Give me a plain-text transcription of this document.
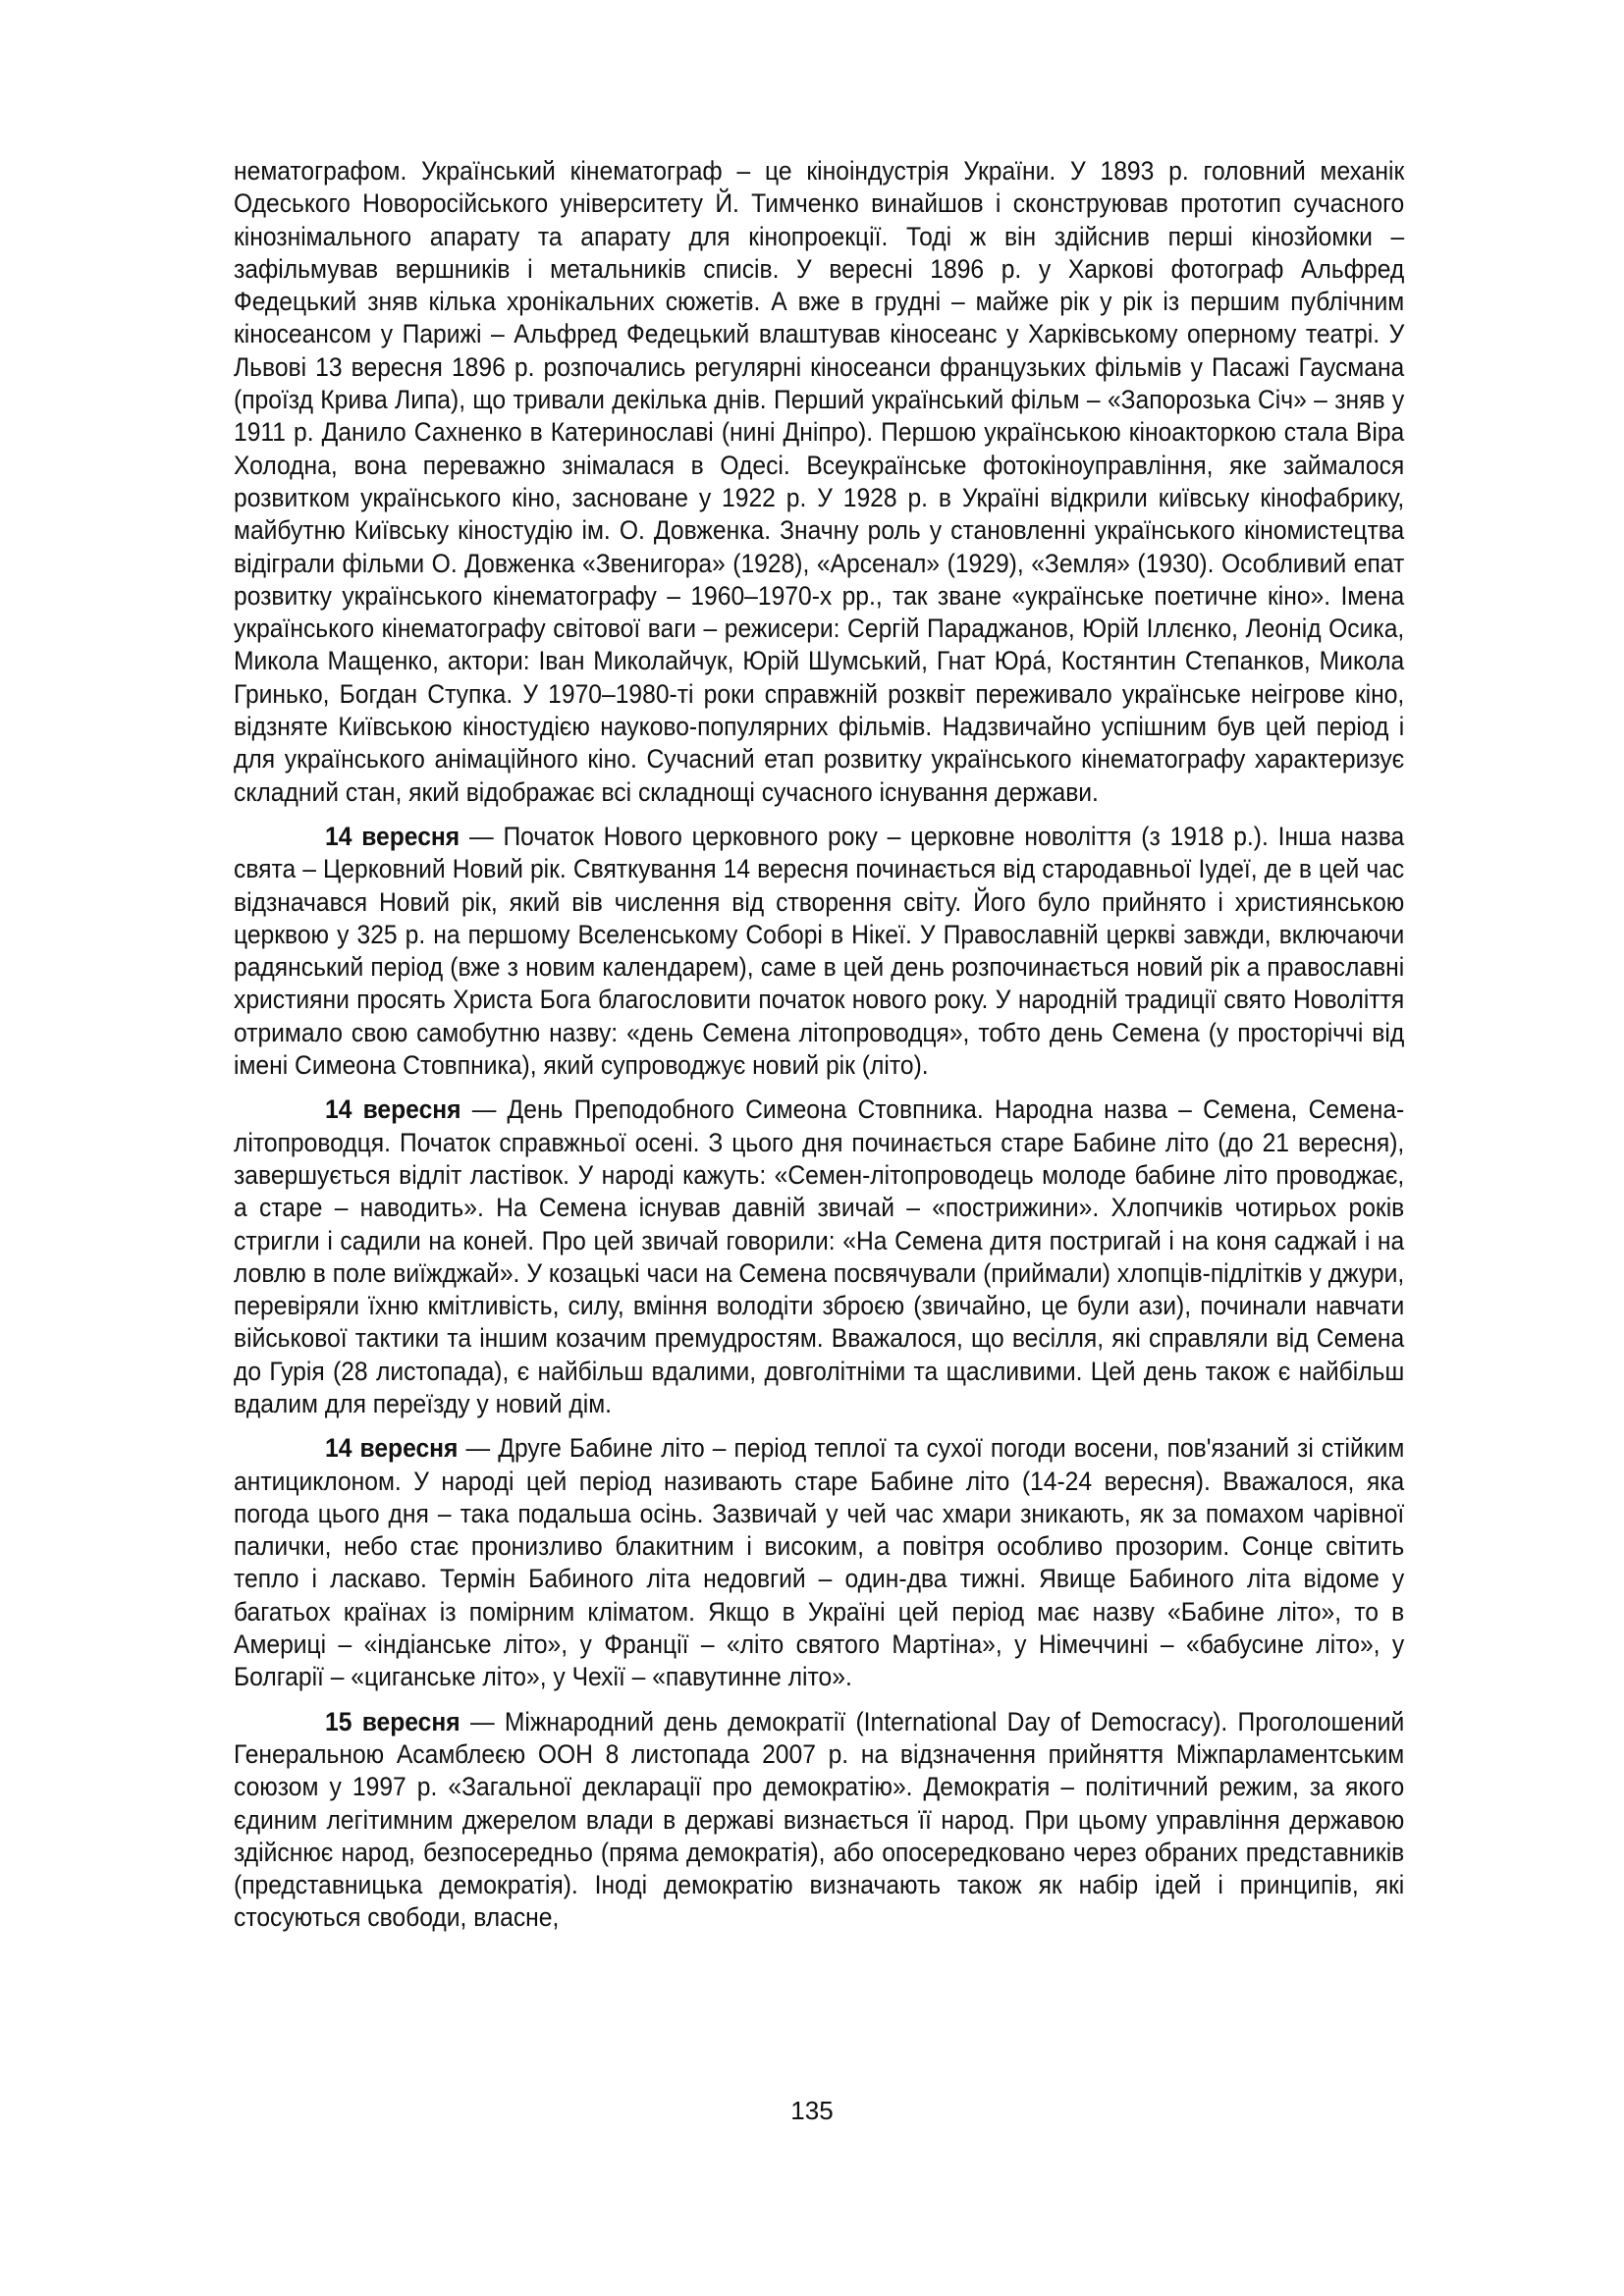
нематографом. Український кінематограф – це кіноіндустрія України. У 1893 р. головний механік Одеського Новоросійського університету Й. Тимченко винайшов і сконструював прототип сучасного кінознімального апарату та апарату для кінопроекції. Тоді ж він здійснив перші кінозйомки – зафільмував вершників і метальників списів. У вересні 1896 р. у Харкові фотограф Альфред Федецький зняв кілька хронікальних сюжетів. А вже в грудні – майже рік у рік із першим публічним кіносеансом у Парижі – Альфред Федецький влаштував кіносеанс у Харківському оперному театрі. У Львові 13 вересня 1896 р. розпочались регулярні кіносеанси французьких фільмів у Пасажі Гаусмана (проїзд Крива Липа), що тривали декілька днів. Перший український фільм – «Запорозька Січ» – зняв у 1911 р. Данило Сахненко в Катеринославі (нині Дніпро). Першою українською кіноакторкою стала Віра Холодна, вона переважно знімалася в Одесі. Всеукраїнське фотокіноуправління, яке займалося розвитком українського кіно, засноване у 1922 р. У 1928 р. в Україні відкрили київську кінофабрику, майбутню Київську кіностудію ім. О. Довженка. Значну роль у становленні українського кіномистецтва відіграли фільми О. Довженка «Звенигора» (1928), «Арсенал» (1929), «Земля» (1930). Особливий епат розвитку українського кінематографу – 1960–1970-х рр., так зване «українське поетичне кіно». Імена українського кінематографу світової ваги – режисери: Сергій Параджанов, Юрій Іллєнко, Леонід Осика, Микола Мащенко, актори: Іван Миколайчук, Юрій Шумський, Гнат Юра́, Костянтин Степанков, Микола Гринько, Богдан Ступка. У 1970–1980-ті роки справжній розквіт переживало українське неігрове кіно, відзняте Київською кіностудією науково-популярних фільмів. Надзвичайно успішним був цей період і для українського анімаційного кіно. Сучасний етап розвитку українського кінематографу характеризує складний стан, який відображає всі складнощі сучасного існування держави.

14 вересня — Початок Нового церковного року – церковне новоліття (з 1918 р.). Інша назва свята – Церковний Новий рік. Святкування 14 вересня починається від стародавньої Іудеї, де в цей час відзначався Новий рік, який вів числення від створення світу. Його було прийнято і християнською церквою у 325 р. на першому Вселенському Соборі в Нікеї. У Православній церкві завжди, включаючи радянський період (вже з новим календарем), саме в цей день розпочинається новий рік а православні християни просять Христа Бога благословити початок нового року. У народній традиції свято Новоліття отримало свою самобутню назву: «день Семена літопроводця», тобто день Семена (у просторіччі від імені Симеона Стовпника), який супроводжує новий рік (літо).

14 вересня — День Преподобного Симеона Стовпника. Народна назва – Семена, Семена-літопроводця. Початок справжньої осені. З цього дня починається старе Бабине літо (до 21 вересня), завершується відліт ластівок. У народі кажуть: «Семен-літопроводець молоде бабине літо проводжає, а старе – наводить». На Семена існував давній звичай – «пострижини». Хлопчиків чотирьох років стригли і садили на коней. Про цей звичай говорили: «На Семена дитя постригай і на коня саджай і на ловлю в поле виїжджай». У козацькі часи на Семена посвячували (приймали) хлопців-підлітків у джури, перевіряли їхню кмітливість, силу, вміння володіти зброєю (звичайно, це були ази), починали навчати військової тактики та іншим козачим премудростям. Вважалося, що весілля, які справляли від Семена до Гурія (28 листопада), є найбільш вдалими, довголітніми та щасливими. Цей день також є найбільш вдалим для переїзду у новий дім.

14 вересня — Друге Бабине літо – період теплої та сухої погоди восени, пов'язаний зі стійким антициклоном. У народі цей період називають старе Бабине літо (14-24 вересня). Вважалося, яка погода цього дня – така подальша осінь. Зазвичай у чей час хмари зникають, як за помахом чарівної палички, небо стає пронизливо блакитним і високим, а повітря особливо прозорим. Сонце світить тепло і ласкаво. Термін Бабиного літа недовгий – один-два тижні. Явище Бабиного літа відоме у багатьох країнах із помірним кліматом. Якщо в Україні цей період має назву «Бабине літо», то в Америці – «індіанське літо», у Франції – «літо святого Мартіна», у Німеччині – «бабусине літо», у Болгарії – «циганське літо», у Чехії – «павутинне літо».

15 вересня — Міжнародний день демократії (International Day of Democracy). Проголошений Генеральною Асамблеєю ООН 8 листопада 2007 р. на відзначення прийняття Міжпарламентським союзом у 1997 р. «Загальної декларації про демократію». Демократія – політичний режим, за якого єдиним легітимним джерелом влади в державі визнається її народ. При цьому управління державою здійснює народ, безпосередньо (пряма демократія), або опосередковано через обраних представників (представницька демократія). Іноді демократію визначають також як набір ідей і принципів, які стосуються свободи, власне,

135
